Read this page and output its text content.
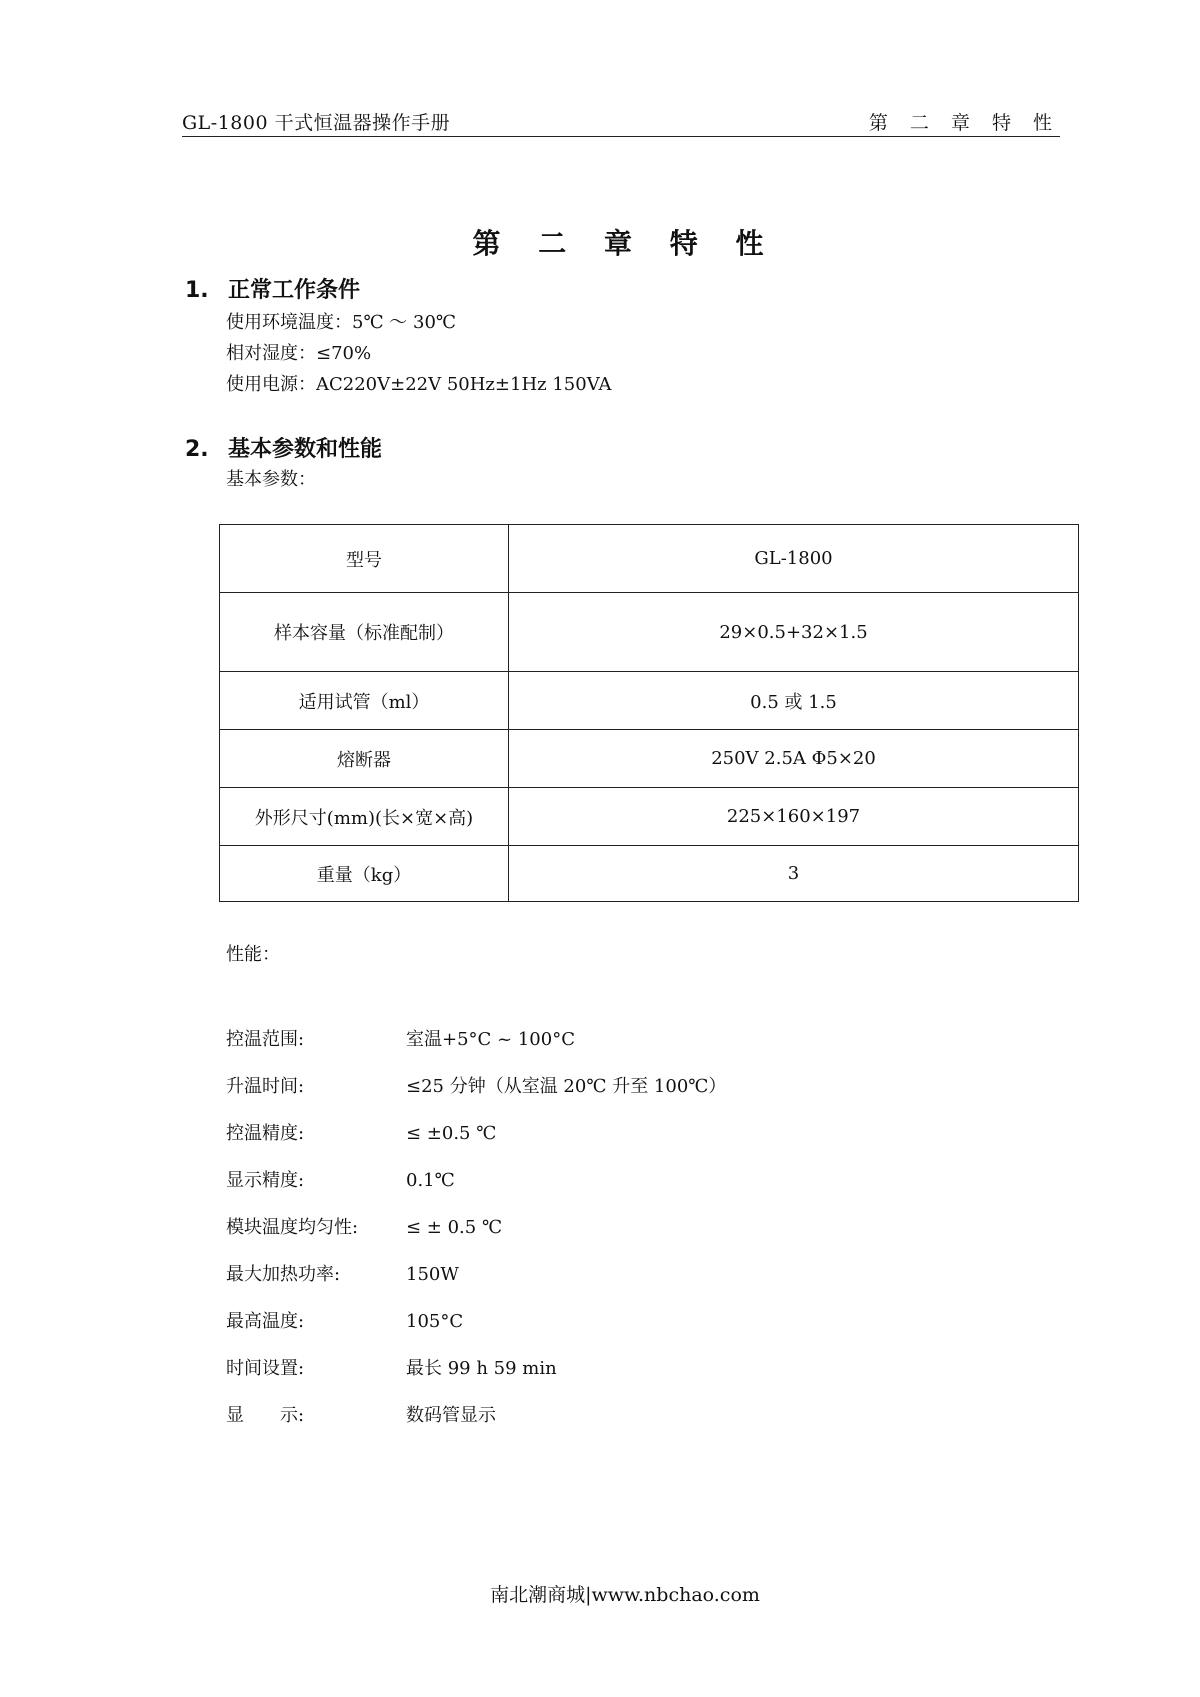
GL-1800 干式恒温器操作手册	第 二 章 特 性
第 二 章 特 性
1. 正常工作条件
使用环境温度：5℃ ～ 30℃
相对湿度：≤70%
使用电源：AC220V±22V 50Hz±1Hz 150VA
2. 基本参数和性能
基本参数：
型号	GL-1800
样本容量（标准配制）	29×0.5+32×1.5
适用试管（ml）	0.5 或 1.5
熔断器	250V 2.5A Φ5×20
外形尺寸(mm)(长×宽×高)	225×160×197
重量（kg）	3
性能：
控温范围:	室温+5°C ~ 100°C
升温时间:	≤25 分钟（从室温 20℃ 升至 100℃）
控温精度:	≤ ±0.5 ℃
显示精度:	0.1℃
模块温度均匀性:	≤ ± 0.5 ℃
最大加热功率:	150W
最高温度:	105°C
时间设置:	最长 99 h 59 min
显　　示:	数码管显示
南北潮商城|www.nbchao.com
